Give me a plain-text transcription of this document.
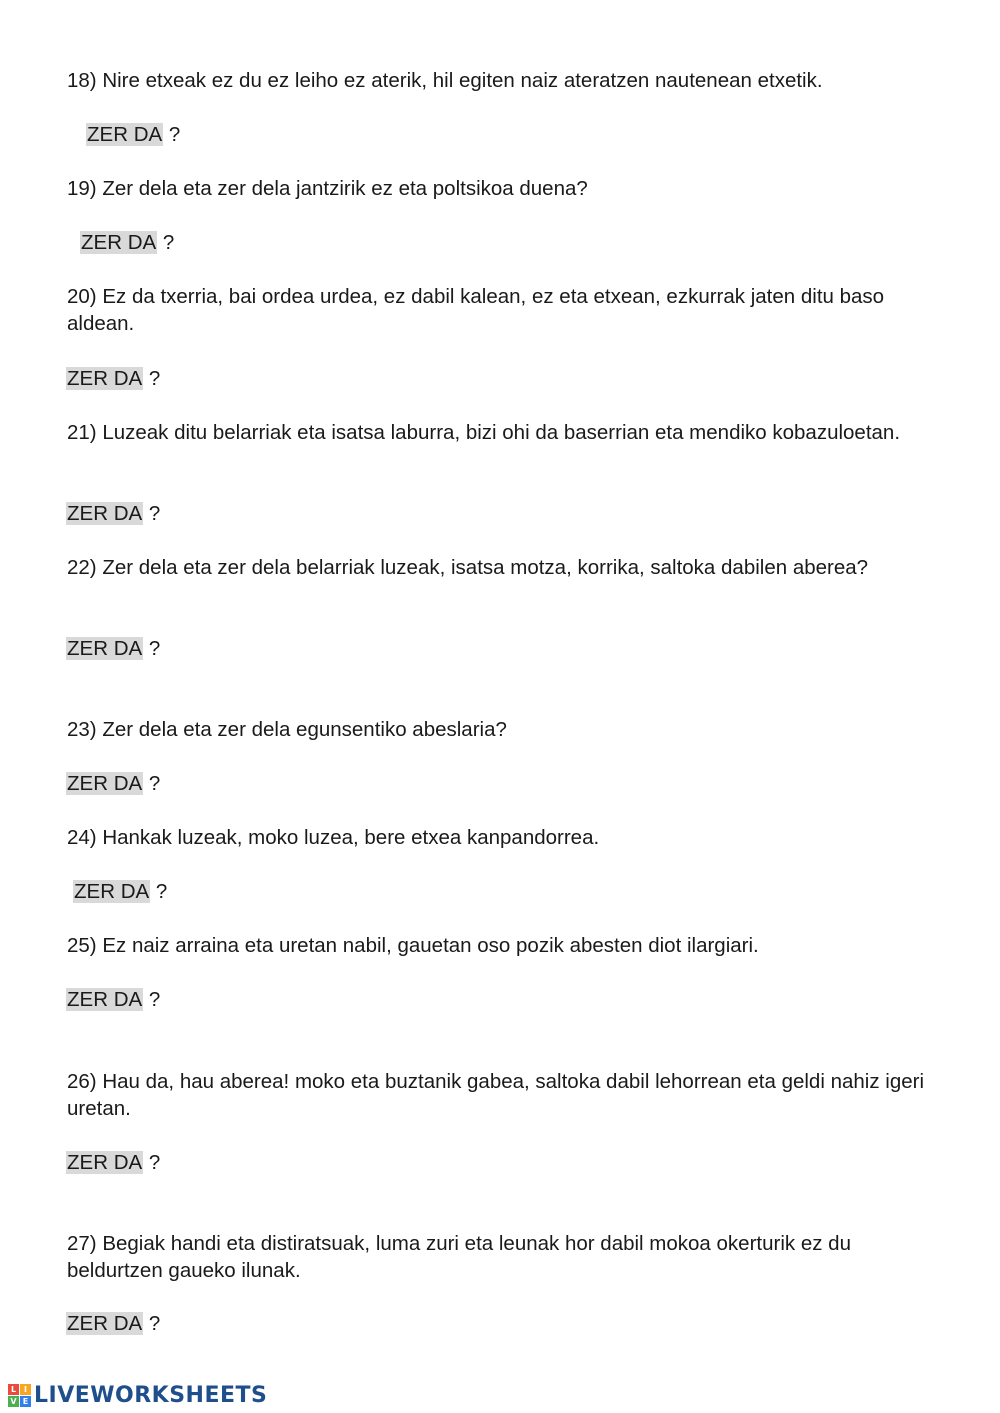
18) Nire etxeak ez du ez leiho ez aterik, hil egiten naiz ateratzen nautenean etxetik.

ZER DA ?

19) Zer dela eta zer dela jantzirik ez eta poltsikoa duena?

ZER DA ?

20) Ez da txerria, bai ordea urdea, ez dabil kalean, ez eta etxean, ezkurrak jaten ditu baso aldean.

ZER DA ?

21) Luzeak ditu belarriak eta isatsa laburra, bizi ohi da baserrian eta mendiko kobazuloetan.

ZER DA ?

22) Zer dela eta zer dela belarriak luzeak, isatsa motza, korrika, saltoka dabilen aberea?

ZER DA ?

23) Zer dela eta zer dela egunsentiko abeslaria?

ZER DA ?

24) Hankak luzeak, moko luzea, bere etxea kanpandorrea.

ZER DA ?

25) Ez naiz arraina eta uretan nabil, gauetan oso pozik abesten diot ilargiari.

ZER DA ?

26) Hau da, hau aberea! moko eta buztanik gabea, saltoka dabil lehorrean eta geldi nahiz igeri uretan.

ZER DA ?

27) Begiak handi eta distiratsuak, luma zuri eta leunak hor dabil mokoa okerturik ez du beldurtzen gaueko ilunak.

ZER DA ?
L I
V E LIVEWORKSHEETS
